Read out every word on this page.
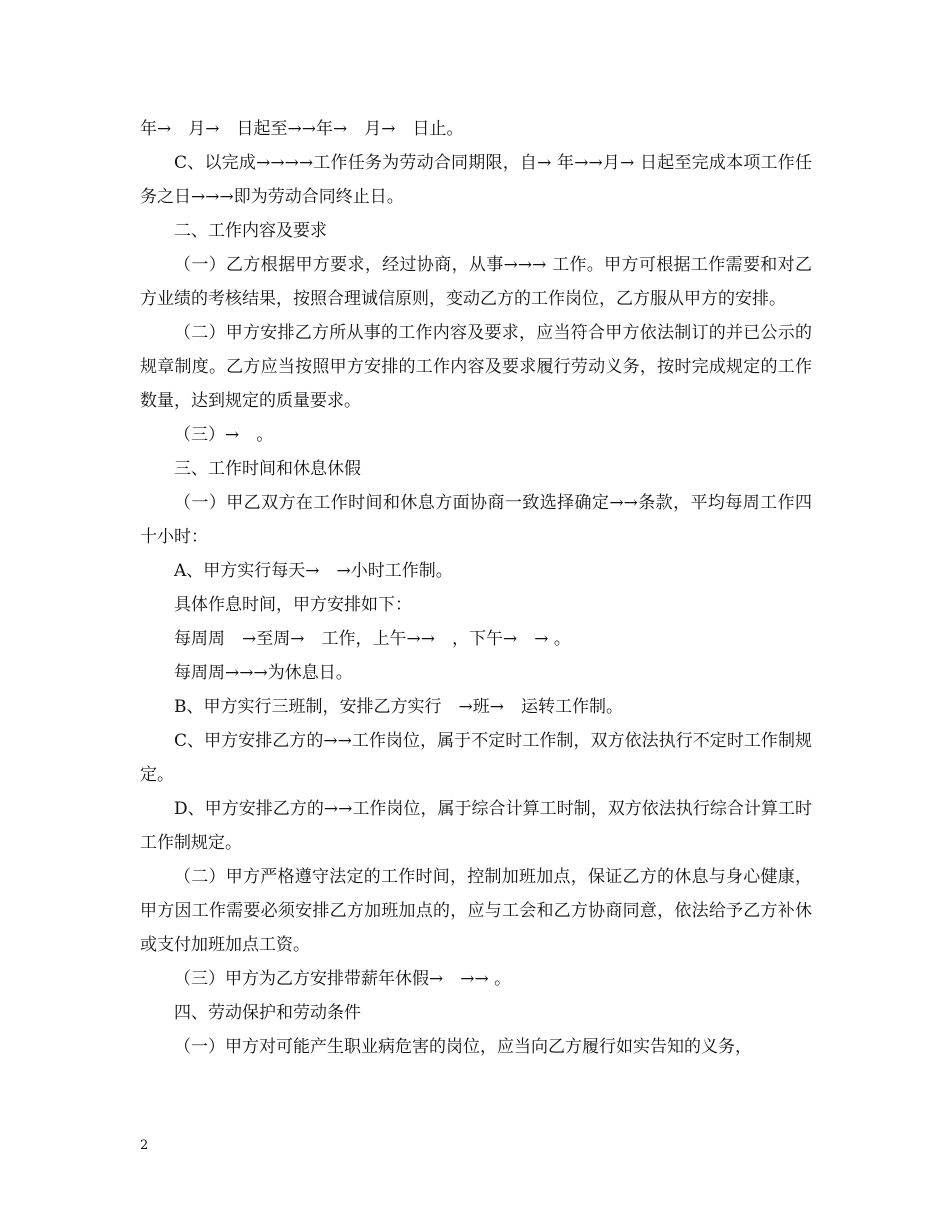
年→　月→　日起至→→年→　月→　日止。

C、以完成→→→→工作任务为劳动合同期限，自→ 年→→月→ 日起至完成本项工作任务之日→→→即为劳动合同终止日。

二、工作内容及要求

（一）乙方根据甲方要求，经过协商，从事→→→ 工作。甲方可根据工作需要和对乙方业绩的考核结果，按照合理诚信原则，变动乙方的工作岗位，乙方服从甲方的安排。

（二）甲方安排乙方所从事的工作内容及要求，应当符合甲方依法制订的并已公示的规章制度。乙方应当按照甲方安排的工作内容及要求履行劳动义务，按时完成规定的工作数量，达到规定的质量要求。

（三）→　。

三、工作时间和休息休假

（一）甲乙双方在工作时间和休息方面协商一致选择确定→→条款，平均每周工作四十小时：

A、甲方实行每天→　→小时工作制。

具体作息时间，甲方安排如下：

每周周　→至周→　工作，上午→→　，下午→　→ 。

每周周→→→为休息日。

B、甲方实行三班制，安排乙方实行　→班→　运转工作制。

C、甲方安排乙方的→→工作岗位，属于不定时工作制，双方依法执行不定时工作制规定。

D、甲方安排乙方的→→工作岗位，属于综合计算工时制，双方依法执行综合计算工时工作制规定。

（二）甲方严格遵守法定的工作时间，控制加班加点，保证乙方的休息与身心健康，甲方因工作需要必须安排乙方加班加点的，应与工会和乙方协商同意，依法给予乙方补休或支付加班加点工资。

（三）甲方为乙方安排带薪年休假→　→→ 。

四、劳动保护和劳动条件

（一）甲方对可能产生职业病危害的岗位，应当向乙方履行如实告知的义务，

2
